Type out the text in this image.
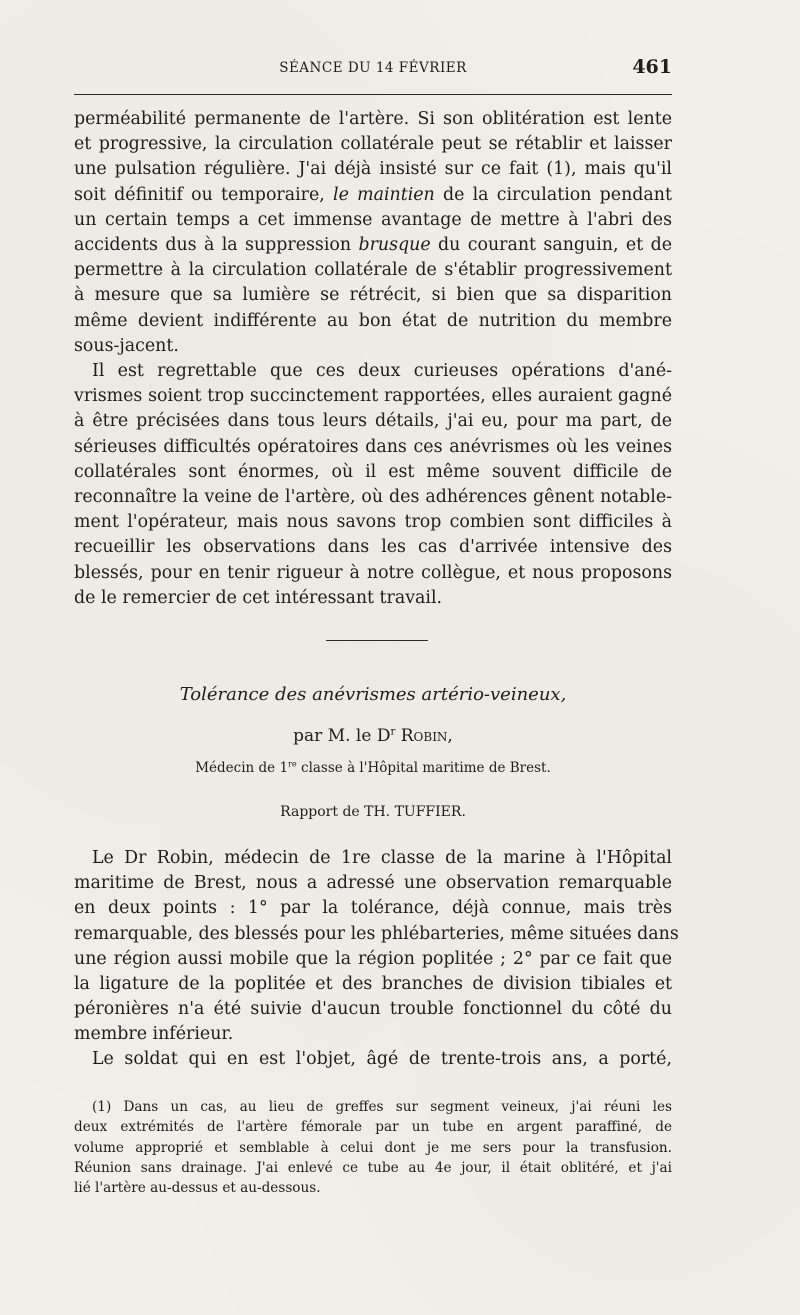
SÉANCE DU 14 FÉVRIER	461
perméabilité permanente de l'artère. Si son oblitération est lente
et progressive, la circulation collatérale peut se rétablir et laisser
une pulsation régulière. J'ai déjà insisté sur ce fait (1), mais qu'il
soit définitif ou temporaire, le maintien de la circulation pendant
un certain temps a cet immense avantage de mettre à l'abri des
accidents dus à la suppression brusque du courant sanguin, et de
permettre à la circulation collatérale de s'établir progressivement
à mesure que sa lumière se rétrécit, si bien que sa disparition
même devient indifférente au bon état de nutrition du membre
sous-jacent.
Il est regrettable que ces deux curieuses opérations d'ané-
vrismes soient trop succinctement rapportées, elles auraient gagné
à être précisées dans tous leurs détails, j'ai eu, pour ma part, de
sérieuses difficultés opératoires dans ces anévrismes où les veines
collatérales sont énormes, où il est même souvent difficile de
reconnaître la veine de l'artère, où des adhérences gênent notable-
ment l'opérateur, mais nous savons trop combien sont difficiles à
recueillir les observations dans les cas d'arrivée intensive des
blessés, pour en tenir rigueur à notre collègue, et nous proposons
de le remercier de cet intéressant travail.
Tolérance des anévrismes artério-veineux,
par M. le $D^r$ Robin,
Médecin de 1re classe à l'Hôpital maritime de Brest.
Rapport de TH. TUFFIER.
Le Dr Robin, médecin de 1re classe de la marine à l'Hôpital
maritime de Brest, nous a adressé une observation remarquable
en deux points : 1° par la tolérance, déjà connue, mais très
remarquable, des blessés pour les phlébarteries, même situées dans
une région aussi mobile que la région poplitée ; 2° par ce fait que
la ligature de la poplitée et des branches de division tibiales et
péronières n'a été suivie d'aucun trouble fonctionnel du côté du
membre inférieur.
Le soldat qui en est l'objet, âgé de trente-trois ans, a porté,
(1) Dans un cas, au lieu de greffes sur segment veineux, j'ai réuni les
deux extrémités de l'artère fémorale par un tube en argent paraffiné, de
volume approprié et semblable à celui dont je me sers pour la transfusion.
Réunion sans drainage. J'ai enlevé ce tube au 4e jour, il était oblitéré, et j'ai
lié l'artère au-dessus et au-dessous.
